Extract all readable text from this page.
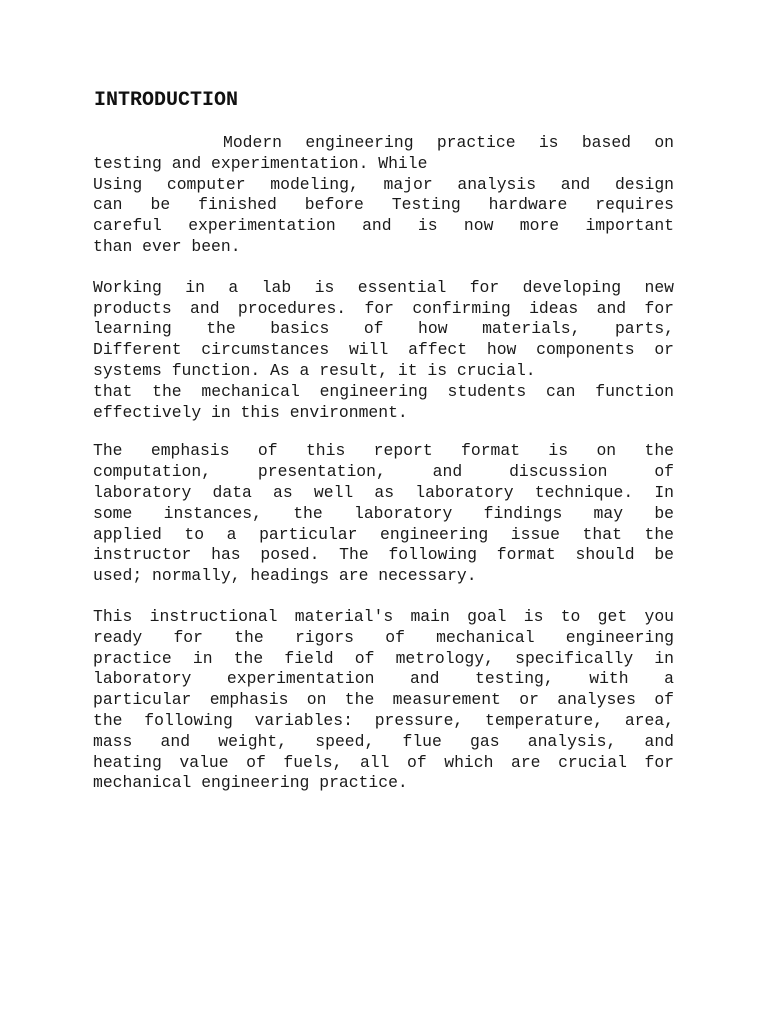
INTRODUCTION
Modern engineering practice is based on
testing and experimentation. While
Using computer modeling, major analysis and design
can be finished before Testing hardware requires
careful experimentation and is now more important
than ever been.
Working in a lab is essential for developing new
products and procedures. for confirming ideas and for
learning the basics of how materials, parts,
Different circumstances will affect how components or
systems function. As a result, it is crucial.
that the mechanical engineering students can function
effectively in this environment.
The emphasis of this report format is on the
computation, presentation, and discussion of
laboratory data as well as laboratory technique. In
some instances, the laboratory findings may be
applied to a particular engineering issue that the
instructor has posed. The following format should be
used; normally, headings are necessary.
This instructional material's main goal is to get you
ready for the rigors of mechanical engineering
practice in the field of metrology, specifically in
laboratory experimentation and testing, with a
particular emphasis on the measurement or analyses of
the following variables: pressure, temperature, area,
mass and weight, speed, flue gas analysis, and
heating value of fuels, all of which are crucial for
mechanical engineering practice.
